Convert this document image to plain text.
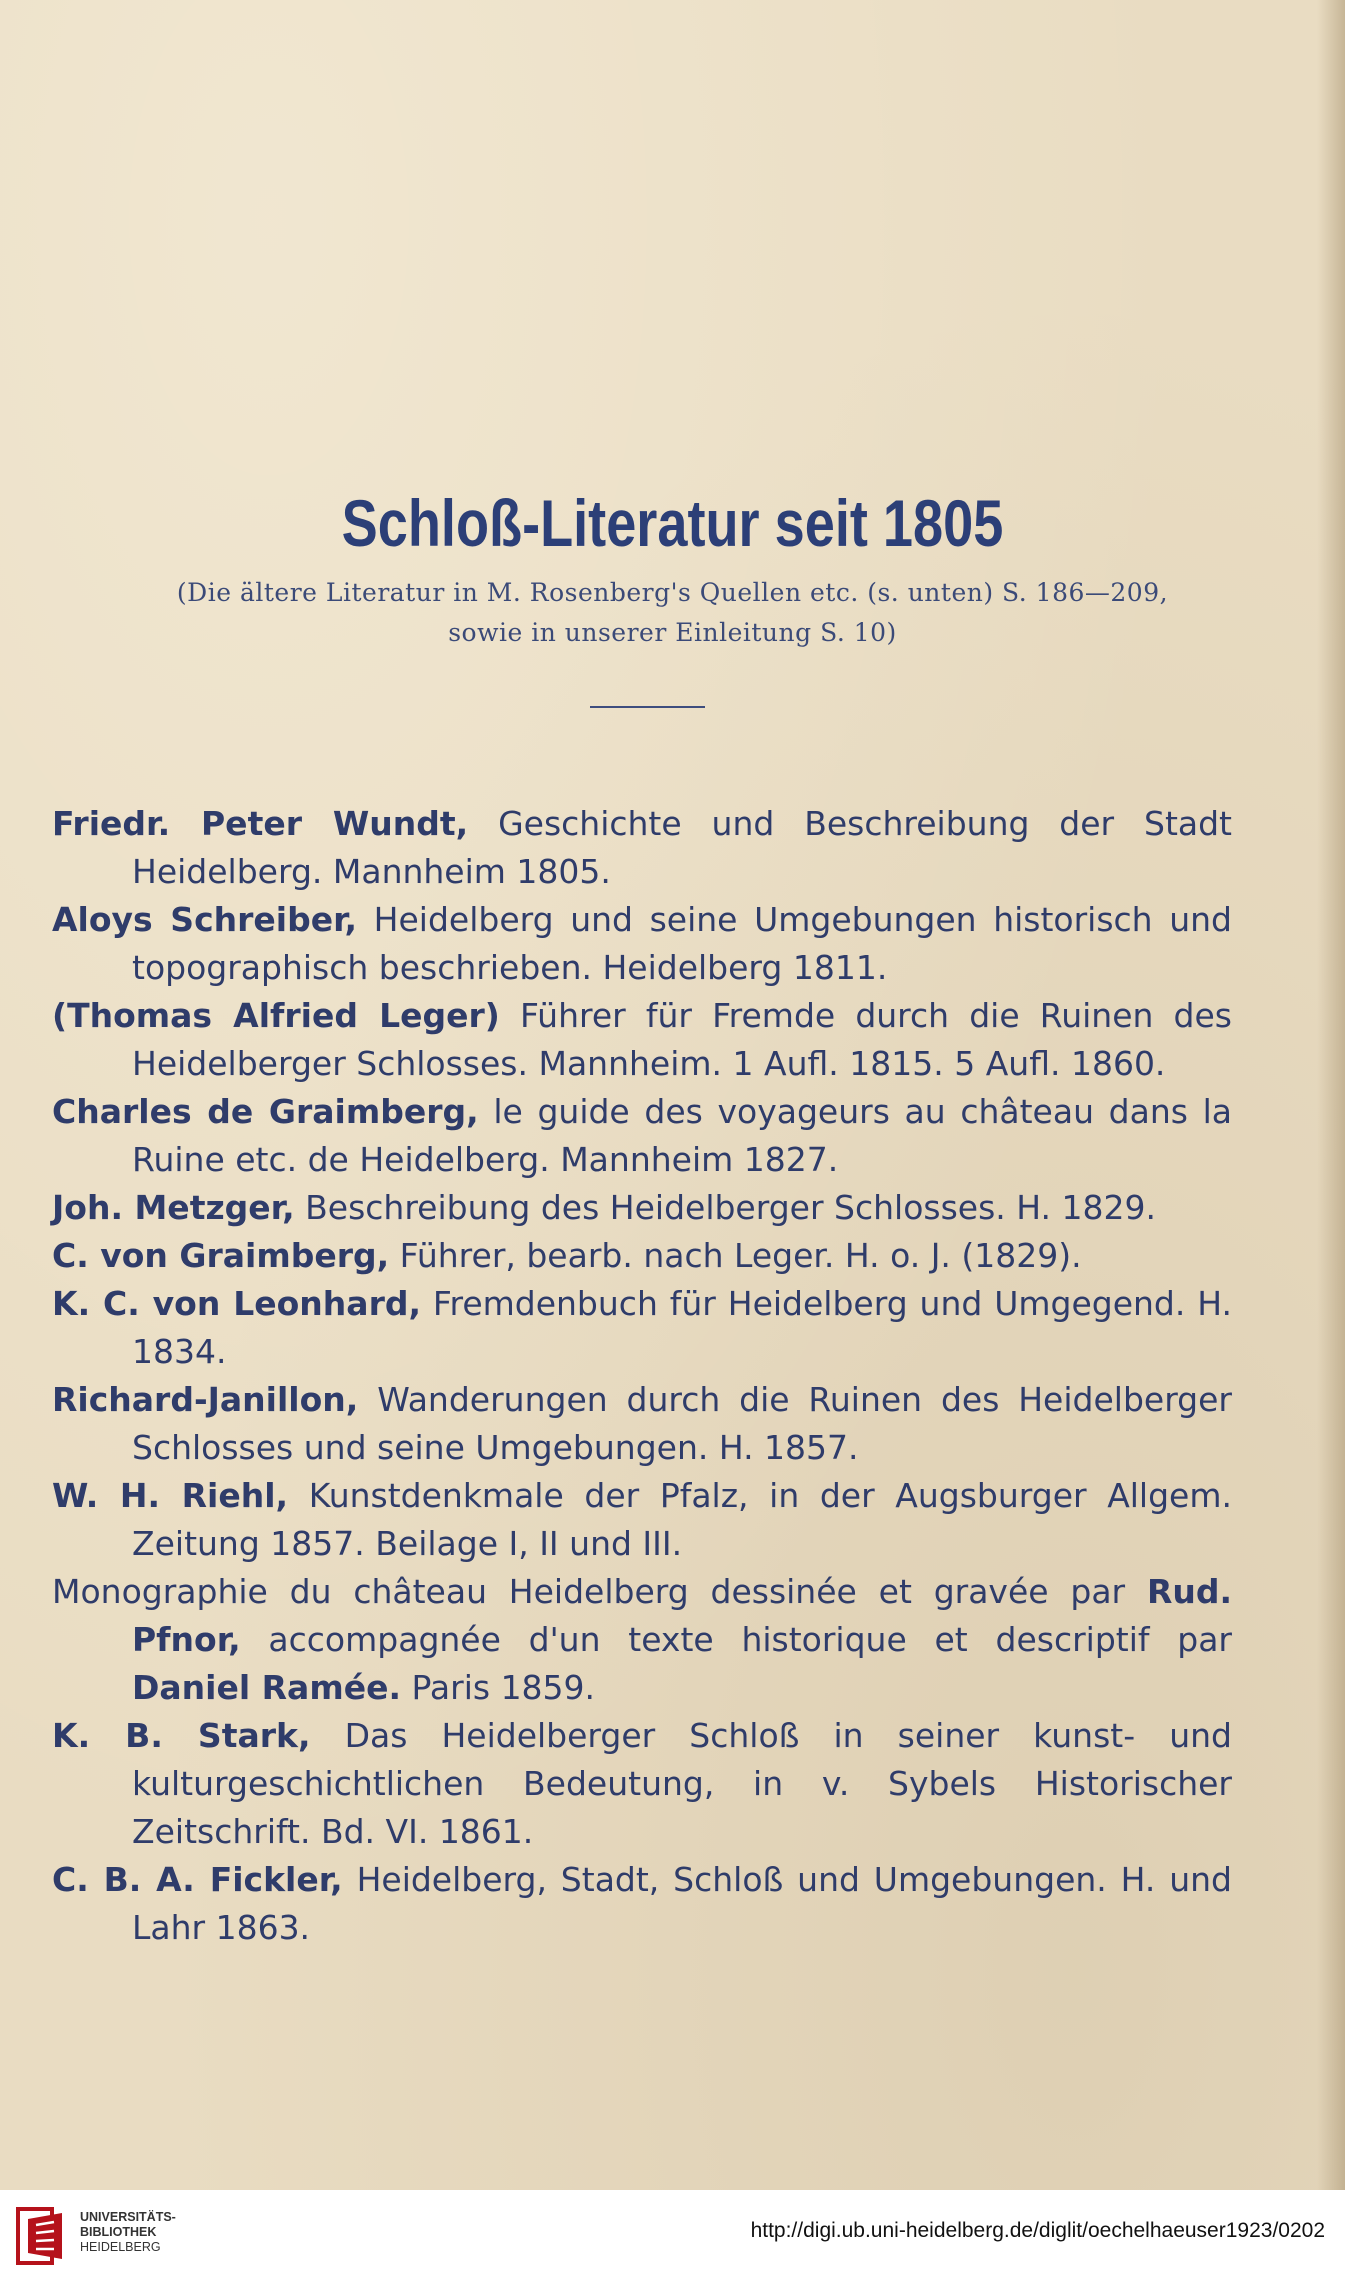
Schloß-Literatur seit 1805
(Die ältere Literatur in M. Rosenberg's Quellen etc. (s. unten) S. 186—209,
sowie in unserer Einleitung S. 10)

Friedr. Peter Wundt, Geschichte und Beschreibung der Stadt Heidelberg. Mannheim 1805.

Aloys Schreiber, Heidelberg und seine Umgebungen historisch und topographisch beschrieben. Heidelberg 1811.

(Thomas Alfried Leger) Führer für Fremde durch die Ruinen des Heidelberger Schlosses. Mannheim. 1 Aufl. 1815. 5 Aufl. 1860.

Charles de Graimberg, le guide des voyageurs au château dans la Ruine etc. de Heidelberg. Mannheim 1827.

Joh. Metzger, Beschreibung des Heidelberger Schlosses. H. 1829.

C. von Graimberg, Führer, bearb. nach Leger. H. o. J. (1829).

K. C. von Leonhard, Fremdenbuch für Heidelberg und Umgegend. H. 1834.

Richard-Janillon, Wanderungen durch die Ruinen des Heidelberger Schlosses und seine Umgebungen. H. 1857.

W. H. Riehl, Kunstdenkmale der Pfalz, in der Augsburger Allgem. Zeitung 1857. Beilage I, II und III.

Monographie du château Heidelberg dessinée et gravée par Rud. Pfnor, accompagnée d'un texte historique et descriptif par Daniel Ramée. Paris 1859.

K. B. Stark, Das Heidelberger Schloß in seiner kunst- und kulturgeschichtlichen Bedeutung, in v. Sybels Historischer Zeitschrift. Bd. VI. 1861.

C. B. A. Fickler, Heidelberg, Stadt, Schloß und Umgebungen. H. und Lahr 1863.

UNIVERSITÄTS-
BIBLIOTHEK
HEIDELBERG
http://digi.ub.uni-heidelberg.de/diglit/oechelhaeuser1923/0202
